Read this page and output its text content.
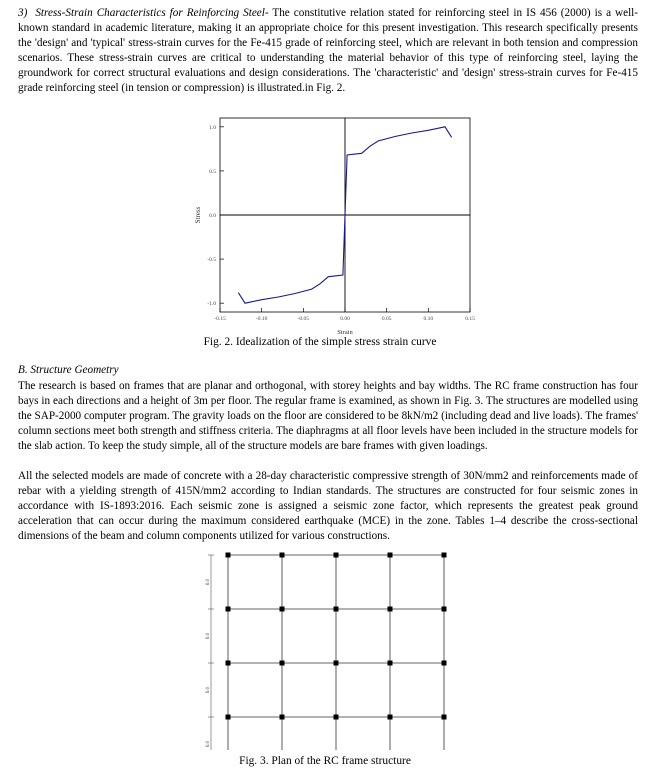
3) Stress-Strain Characteristics for Reinforcing Steel- The constitutive relation stated for reinforcing steel in IS 456 (2000) is a well-known standard in academic literature, making it an appropriate choice for this present investigation. This research specifically presents the 'design' and 'typical' stress-strain curves for the Fe-415 grade of reinforcing steel, which are relevant in both tension and compression scenarios. These stress-strain curves are critical to understanding the material behavior of this type of reinforcing steel, laying the groundwork for correct structural evaluations and design considerations. The 'characteristic' and 'design' stress-strain curves for Fe-415 grade reinforcing steel (in tension or compression) is illustrated.in Fig. 2.

1.0
0.5
0.0
-0.5
-1.0
-0.15	-0.10	-0.05	0.00	0.05	0.10	0.15
Strain
Stress
Fig. 2. Idealization of the simple stress strain curve
B. Structure Geometry

The research is based on frames that are planar and orthogonal, with storey heights and bay widths. The RC frame construction has four bays in each directions and a height of 3m per floor. The regular frame is examined, as shown in Fig. 3. The structures are modelled using the SAP-2000 computer program. The gravity loads on the floor are considered to be 8kN/m2 (including dead and live loads). The frames' column sections meet both strength and stiffness criteria. The diaphragms at all floor levels have been included in the structure models for the slab action. To keep the study simple, all of the structure models are bare frames with given loadings.

All the selected models are made of concrete with a 28-day characteristic compressive strength of 30N/mm2 and reinforcements made of rebar with a yielding strength of 415N/mm2 according to Indian standards. The structures are constructed for four seismic zones in accordance with IS-1893:2016. Each seismic zone is assigned a seismic zone factor, which represents the greatest peak ground acceleration that can occur during the maximum considered earthquake (MCE) in the zone. Tables 1–4 describe the cross-sectional dimensions of the beam and column components utilized for various constructions.

6.0
6.0
6.0
6.0
Fig. 3. Plan of the RC frame structure
